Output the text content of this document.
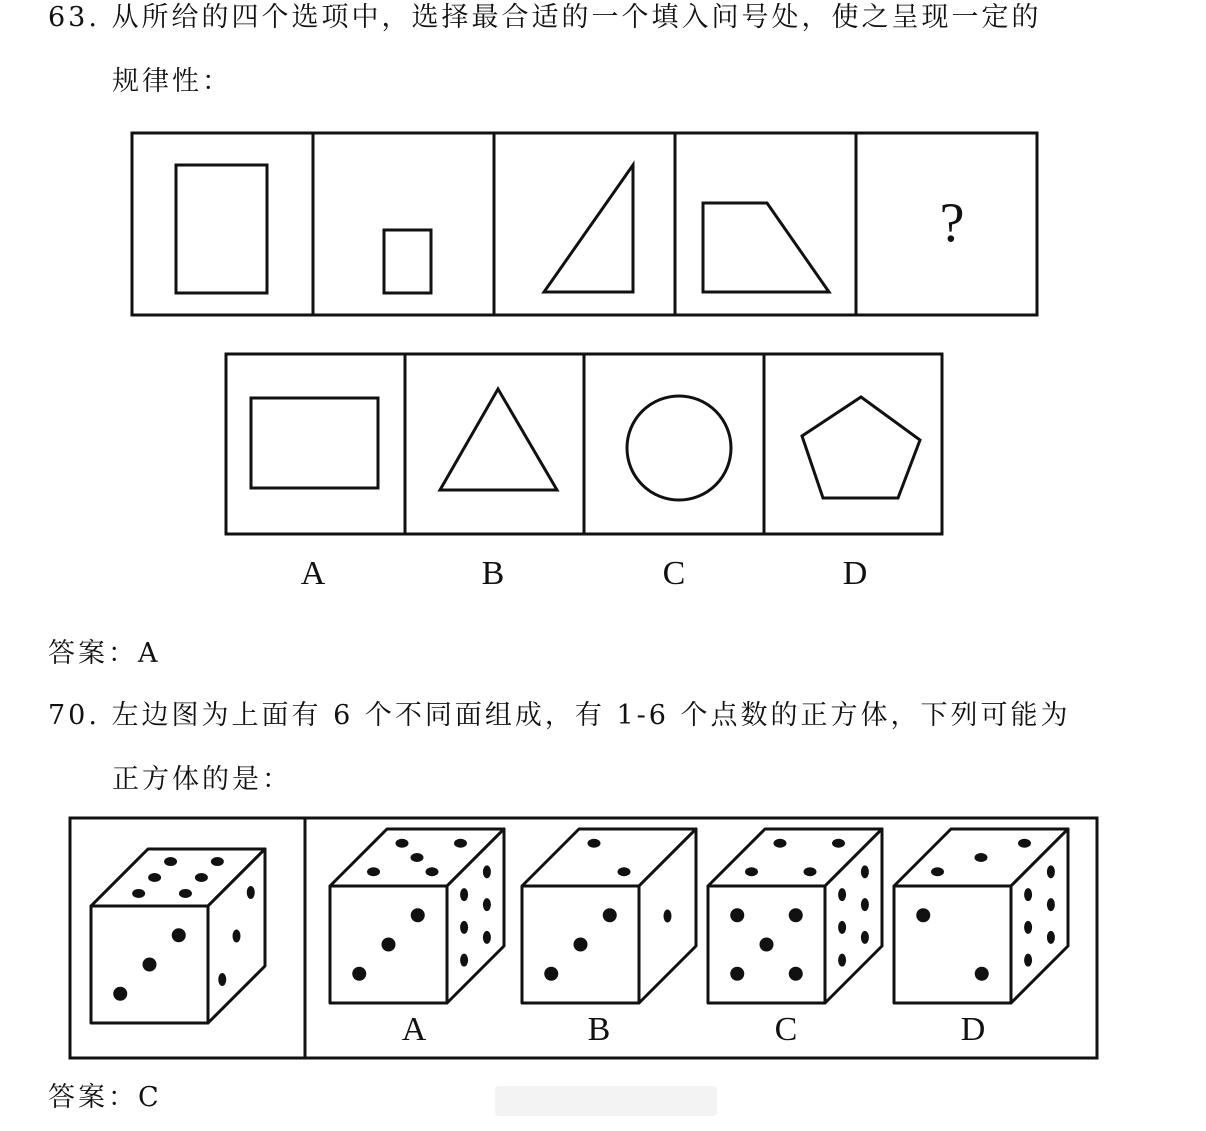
63. 从所给的四个选项中，选择最合适的一个填入问号处，使之呈现一定的
规律性：
?
A	B	C	D
答案：A
70. 左边图为上面有 6 个不同面组成，有 1-6 个点数的正方体，下列可能为
正方体的是：
A	B	C	D
答案：C
